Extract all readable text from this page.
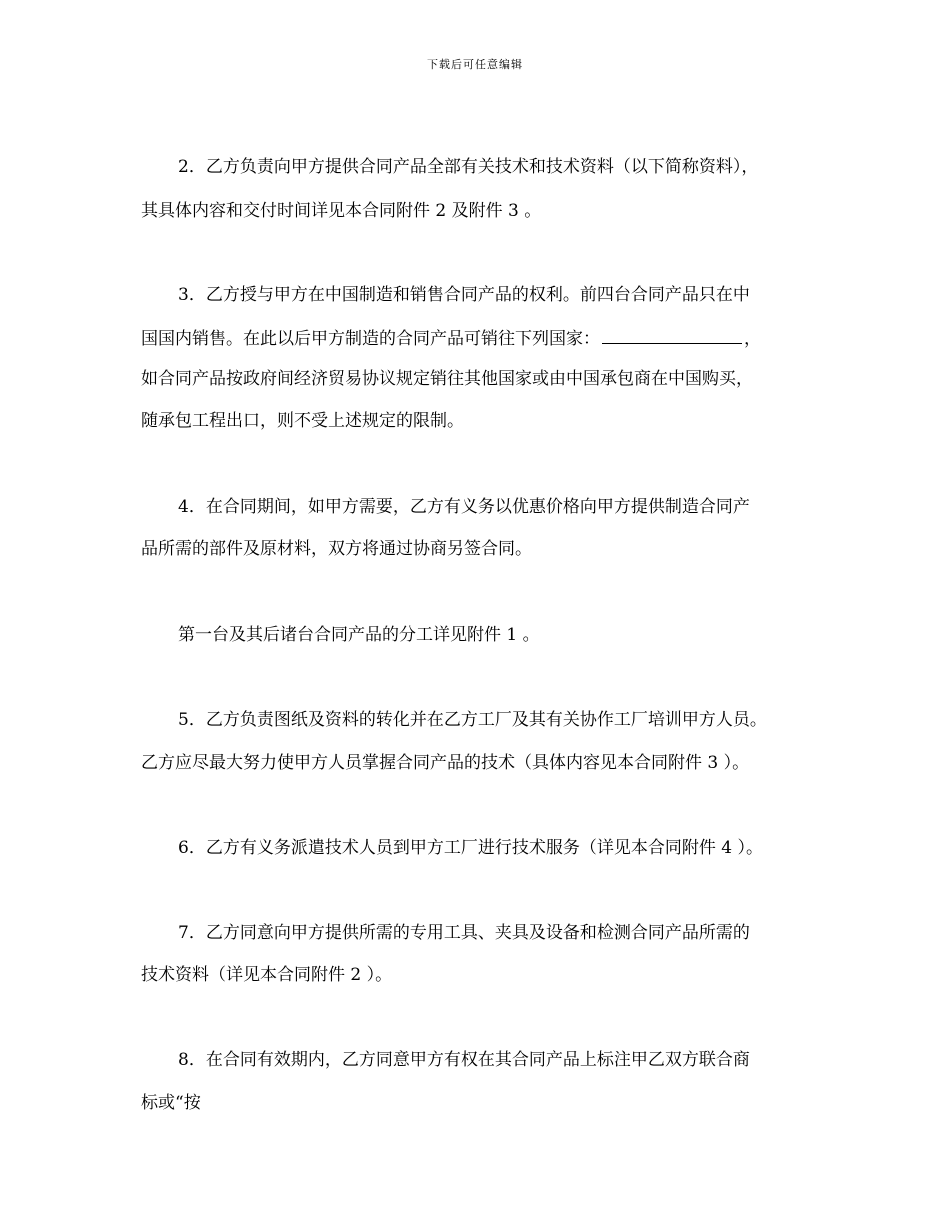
下载后可任意编辑
2．乙方负责向甲方提供合同产品全部有关技术和技术资料（以下简称资料），
其具体内容和交付时间详见本合同附件 2 及附件 3 。
3．乙方授与甲方在中国制造和销售合同产品的权利。前四台合同产品只在中
国国内销售。在此以后甲方制造的合同产品可销往下列国家：	，
如合同产品按政府间经济贸易协议规定销往其他国家或由中国承包商在中国购买，
随承包工程出口，则不受上述规定的限制。
4．在合同期间，如甲方需要，乙方有义务以优惠价格向甲方提供制造合同产
品所需的部件及原材料，双方将通过协商另签合同。
第一台及其后诸台合同产品的分工详见附件 1 。
5．乙方负责图纸及资料的转化并在乙方工厂及其有关协作工厂培训甲方人员。
乙方应尽最大努力使甲方人员掌握合同产品的技术（具体内容见本合同附件 3 ）。
6．乙方有义务派遣技术人员到甲方工厂进行技术服务（详见本合同附件 4 ）。
7．乙方同意向甲方提供所需的专用工具、夹具及设备和检测合同产品所需的
技术资料（详见本合同附件 2 ）。
8．在合同有效期内，乙方同意甲方有权在其合同产品上标注甲乙双方联合商
标或“按
